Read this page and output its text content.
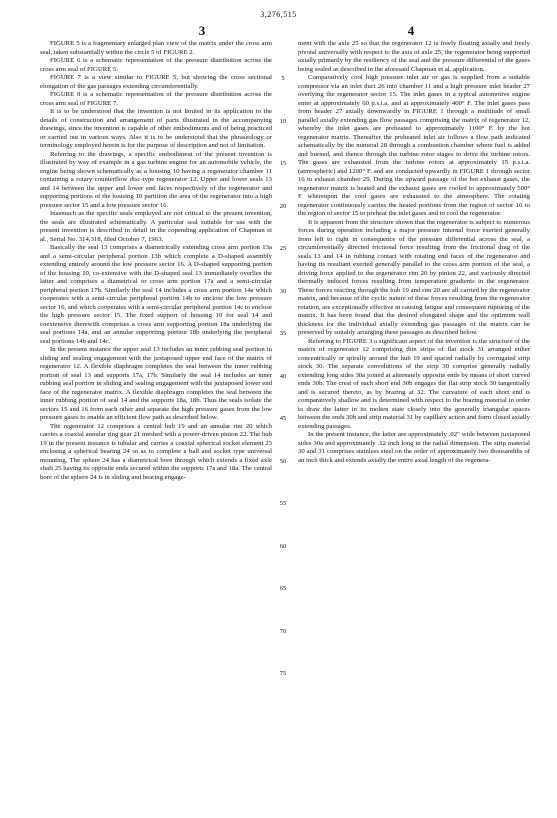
3,276,515
3	4

FIGURE 5 is a fragmentary enlarged plan view of the matrix under the cross arm seal, taken substantially within the circle 5 of FIGURE 2.

FIGURE 6 is a schematic representation of the pressure distribution across the cross arm seal of FIGURE 5.

FIGURE 7 is a view similar to FIGURE 5, but showing the cross sectional elongation of the gas passages extending circumferentially.

FIGURE 8 is a schematic representation of the pressure distribution across the cross arm seal of FIGURE 7.

It is to be understood that the invention is not limited in its application to the details of construction and arrangement of parts illustrated in the accompanying drawings, since the invention is capable of other embodiments and of being practiced or carried out in various ways. Also it is to be understood that the phraseology or terminology employed herein is for the purpose of description and not of limitation.

Referring to the drawings, a specific embodiment of the present invention is illustrated by way of example in a gas turbine engine for an automobile vehicle, the engine being shown schematically as a housing 10 having a regenerator chamber 11 containing a rotary counterflow disc-type regenerator 12. Upper and lower seals 13 and 14 between the upper and lower end faces respectively of the regenerator and supporting portions of the housing 10 partition the area of the regenerator into a high pressure sector 15 and a low pressure sector 16.

Inasmuch as the specific seals employed are not critical to the present invention, the seals are illustrated schematically. A particular seal suitable for use with the present invention is described in detail in the copending application of Chapman et al., Serial No. 314,318, filed October 7, 1963.

Basically the seal 13 comprises a diametrically extending cross arm portion 13a and a semi-circular peripheral portion 13b which complete a D-shaped assembly extending entirely around the low pressure sector 16. A D-shaped supporting portion of the housing 10, co-extensive with the D-shaped seal 13 immediately overlies the latter and comprises a diametrical or cross arm portion 17a and a semi-circular peripheral portion 17b. Similarly the seal 14 includes a cross arm portion 14a which cooperates with a semi-circular peripheral portion 14b to enclose the low pressure sector 16, and which cooperates with a semi-circular peripheral portion 14c to enclose the high pressure sector 15. The fixed support of housing 10 for seal 14 and coextensive therewith comprises a cross arm supporting portion 18a underlying the seal portions 14a, and an annular supporting portion 18b underlying the peripheral seal portions 14b and 14c.

In the present instance the upper seal 13 includes an inner rubbing seal portion in sliding and sealing engagement with the juxtaposed upper end face of the matrix of regenerator 12. A flexible diaphragm completes the seal between the inner rubbing portion of seal 13 and supports 17a, 17b. Similarly the seal 14 includes an inner rubbing seal portion in sliding and sealing engagement with the juxtaposed lower end face of the regenerator matrix. A flexible diaphragm completes the seal between the inner rubbing portion of seal 14 and the supports 18a, 18b. Thus the seals isolate the sectors 15 and 16 from each other and separate the high pressure gases from the low pressure gases to enable an efficient flow path as described below.

The regenerator 12 comprises a central hub 19 and an annular rim 20 which carries a coaxial annular ring gear 21 meshed with a power-driven pinion 22. The hub 19 in the present instance is tubular and carries a coaxial spherical socket element 23 enclosing a spherical bearing 24 so as to complete a ball and socket type universal mounting. The sphere 24 has a diametrical bore through which extends a fixed axle shaft 25 having its opposite ends secured within the supports 17a and 18a. The central bore of the sphere 24 is in sliding and bearing engage-

ment with the axle 25 so that the regenerator 12 is freely floating axially and freely pivotal universally with respect to the axis of axle 25, the regenerator being supported axially primarily by the resiliency of the seal and the pressure differential of the gases being sealed as described in the aforesaid Chapman et al. application.

Comparatively cool high pressure inlet air or gas is supplied from a suitable compressor via an inlet duct 26 into chamber 11 and a high pressure inlet header 27 overlying the regenerator sector 15. The inlet gases in a typical automotive engine enter at approximately 60 p.s.i.a. and at approximately 400° F. The inlet gases pass from header 27 axially downwardly in FIGURE 1 through a multitude of small parallel axially extending gas flow passages comprising the matrix of regenerator 12, whereby the inlet gases are preheated to approximately 1100° F. by the hot regenerator matrix. Thereafter the preheated inlet air follows a flow path indicated schematically by the numeral 28 through a combustion chamber where fuel is added and burned, and thence through the turbine rotor stages to drive the turbine rotors. The gases are exhausted from the turbine rotors at approximately 15 p.s.i.a. (atmospheric) and 1200° F. and are conducted upwardly in FIGURE 1 through sector 16 to exhaust chamber 29. During the upward passage of the hot exhaust gases, the regenerator matrix is heated and the exhaust gases are cooled to approximately 500° F. whereupon the cool gases are exhausted to the atmosphere. The rotating regenerator continuously carries the heated portions from the region of sector 16 to the region of sector 15 to preheat the inlet gases and to cool the regenerator.

It is apparent from the structure shown that the regenerator is subject to numerous forces during operation including a major pressure internal force exerted generally from left to right in consequence of the pressure differential across the seal, a circumferentially directed frictional force resulting from the frictional drag of the seals 13 and 14 in rubbing contact with rotating end faces of the regenerator and having its resultant exerted generally parallel to the cross arm portion of the seal, a driving force applied to the regenerator rim 20 by pinion 22, and variously directed thermally induced forces resulting from temperature gradients in the regenerator. These forces reacting through the hub 19 and rim 20 are all carried by the regenerator matrix, and because of the cyclic nature of these forces resulting from the regenerator rotation, are exceptionally effective in causing fatigue and consequent rupturing of the matrix. It has been found that the desired elongated shape and the optimum wall thickness for the individual axially extending gas passages of the matrix can be preserved by suitably arranging these passages as described below.

Referring to FIGURE 3 a significant aspect of the invention is the structure of the matrix of regenerator 12 comprising thin strips of flat stock 31 arranged either concentrically or spirally around the hub 19 and spaced radially by corrugated strip stock 30. The separate convolutions of the strip 30 comprise generally radially extending long sides 30a joined at alternately opposite ends by means of short curved ends 30b. The crest of each short end 30b engages the flat strip stock 30 tangentially and is secured thereto, as by brazing at 32. The curvature of each short end is comparatively shallow and is determined with respect to the brazing material in order to draw the latter in its molten state closely into the generally triangular spaces between the ends 30b and strip material 31 by capillary action and form closed axially extending passages.

In the present instance, the latter are approximately .02" wide between juxtaposed sides 30a and approximately .12 inch long in the radial dimension. The strip material 30 and 31 comprises stainless steel on the order of approximately two thousandths of an inch thick and extends axially the entire axial length of the regenera-

5
10
15
20
25
30
35
40
45
50
55
60
65
70
75
